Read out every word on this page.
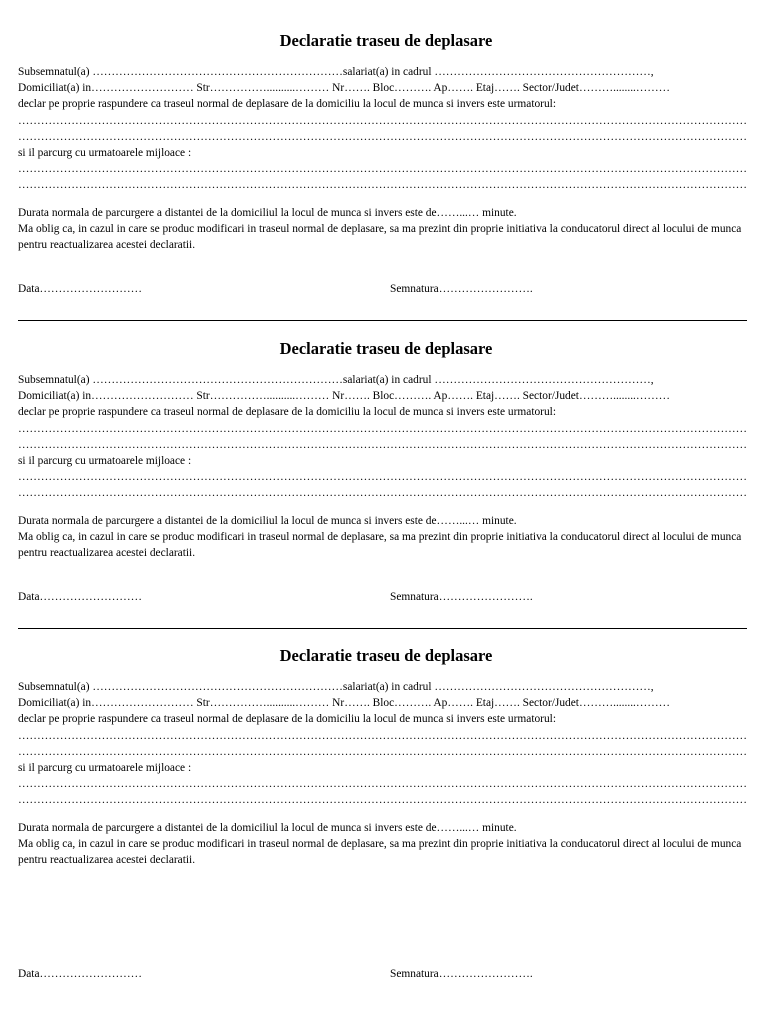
Declaratie traseu de deplasare
Subsemnatul(a) …………………………………………………………salariat(a) in cadrul …………………………………………………,
Domiciliat(a) in……………………… Str……………..........……… Nr……. Bloc………. Ap……. Etaj……. Sector/Judet………........………
declar pe proprie raspundere ca traseul normal de deplasare de la domiciliu la locul de munca si invers este urmatorul:
…………………………………………………………………………………………………………………………………………………………………………
…………………………………………………………………………………………………………………………………………………………………………
si il parcurg cu urmatoarele mijloace :
…………………………………………………………………………………………………………………………………………………………………………
…………………………………………………………………………………………………………………………………………………………………………
Durata normala de parcurgere a distantei de la domiciliul la locul de munca si invers este de……...… minute.
Ma oblig ca, in cazul in care se produc modificari in traseul normal de deplasare, sa ma prezint din proprie initiativa la conducatorul direct al locului de munca pentru reactualizarea acestei declaratii.
Data………………………	Semnatura…………………….
Declaratie traseu de deplasare
Subsemnatul(a) …………………………………………………………salariat(a) in cadrul …………………………………………………,
Domiciliat(a) in……………………… Str……………..........……… Nr……. Bloc………. Ap……. Etaj……. Sector/Judet………........………
declar pe proprie raspundere ca traseul normal de deplasare de la domiciliu la locul de munca si invers este urmatorul:
…………………………………………………………………………………………………………………………………………………………………………
…………………………………………………………………………………………………………………………………………………………………………
si il parcurg cu urmatoarele mijloace :
…………………………………………………………………………………………………………………………………………………………………………
…………………………………………………………………………………………………………………………………………………………………………
Durata normala de parcurgere a distantei de la domiciliul la locul de munca si invers este de……...… minute.
Ma oblig ca, in cazul in care se produc modificari in traseul normal de deplasare, sa ma prezint din proprie initiativa la conducatorul direct al locului de munca pentru reactualizarea acestei declaratii.
Data………………………	Semnatura…………………….
Declaratie traseu de deplasare
Subsemnatul(a) …………………………………………………………salariat(a) in cadrul …………………………………………………,
Domiciliat(a) in……………………… Str……………..........……… Nr……. Bloc………. Ap……. Etaj……. Sector/Judet………........………
declar pe proprie raspundere ca traseul normal de deplasare de la domiciliu la locul de munca si invers este urmatorul:
…………………………………………………………………………………………………………………………………………………………………………
…………………………………………………………………………………………………………………………………………………………………………
si il parcurg cu urmatoarele mijloace :
…………………………………………………………………………………………………………………………………………………………………………
…………………………………………………………………………………………………………………………………………………………………………
Durata normala de parcurgere a distantei de la domiciliul la locul de munca si invers este de……...… minute.
Ma oblig ca, in cazul in care se produc modificari in traseul normal de deplasare, sa ma prezint din proprie initiativa la conducatorul direct al locului de munca pentru reactualizarea acestei declaratii.
Data………………………	Semnatura…………………….
